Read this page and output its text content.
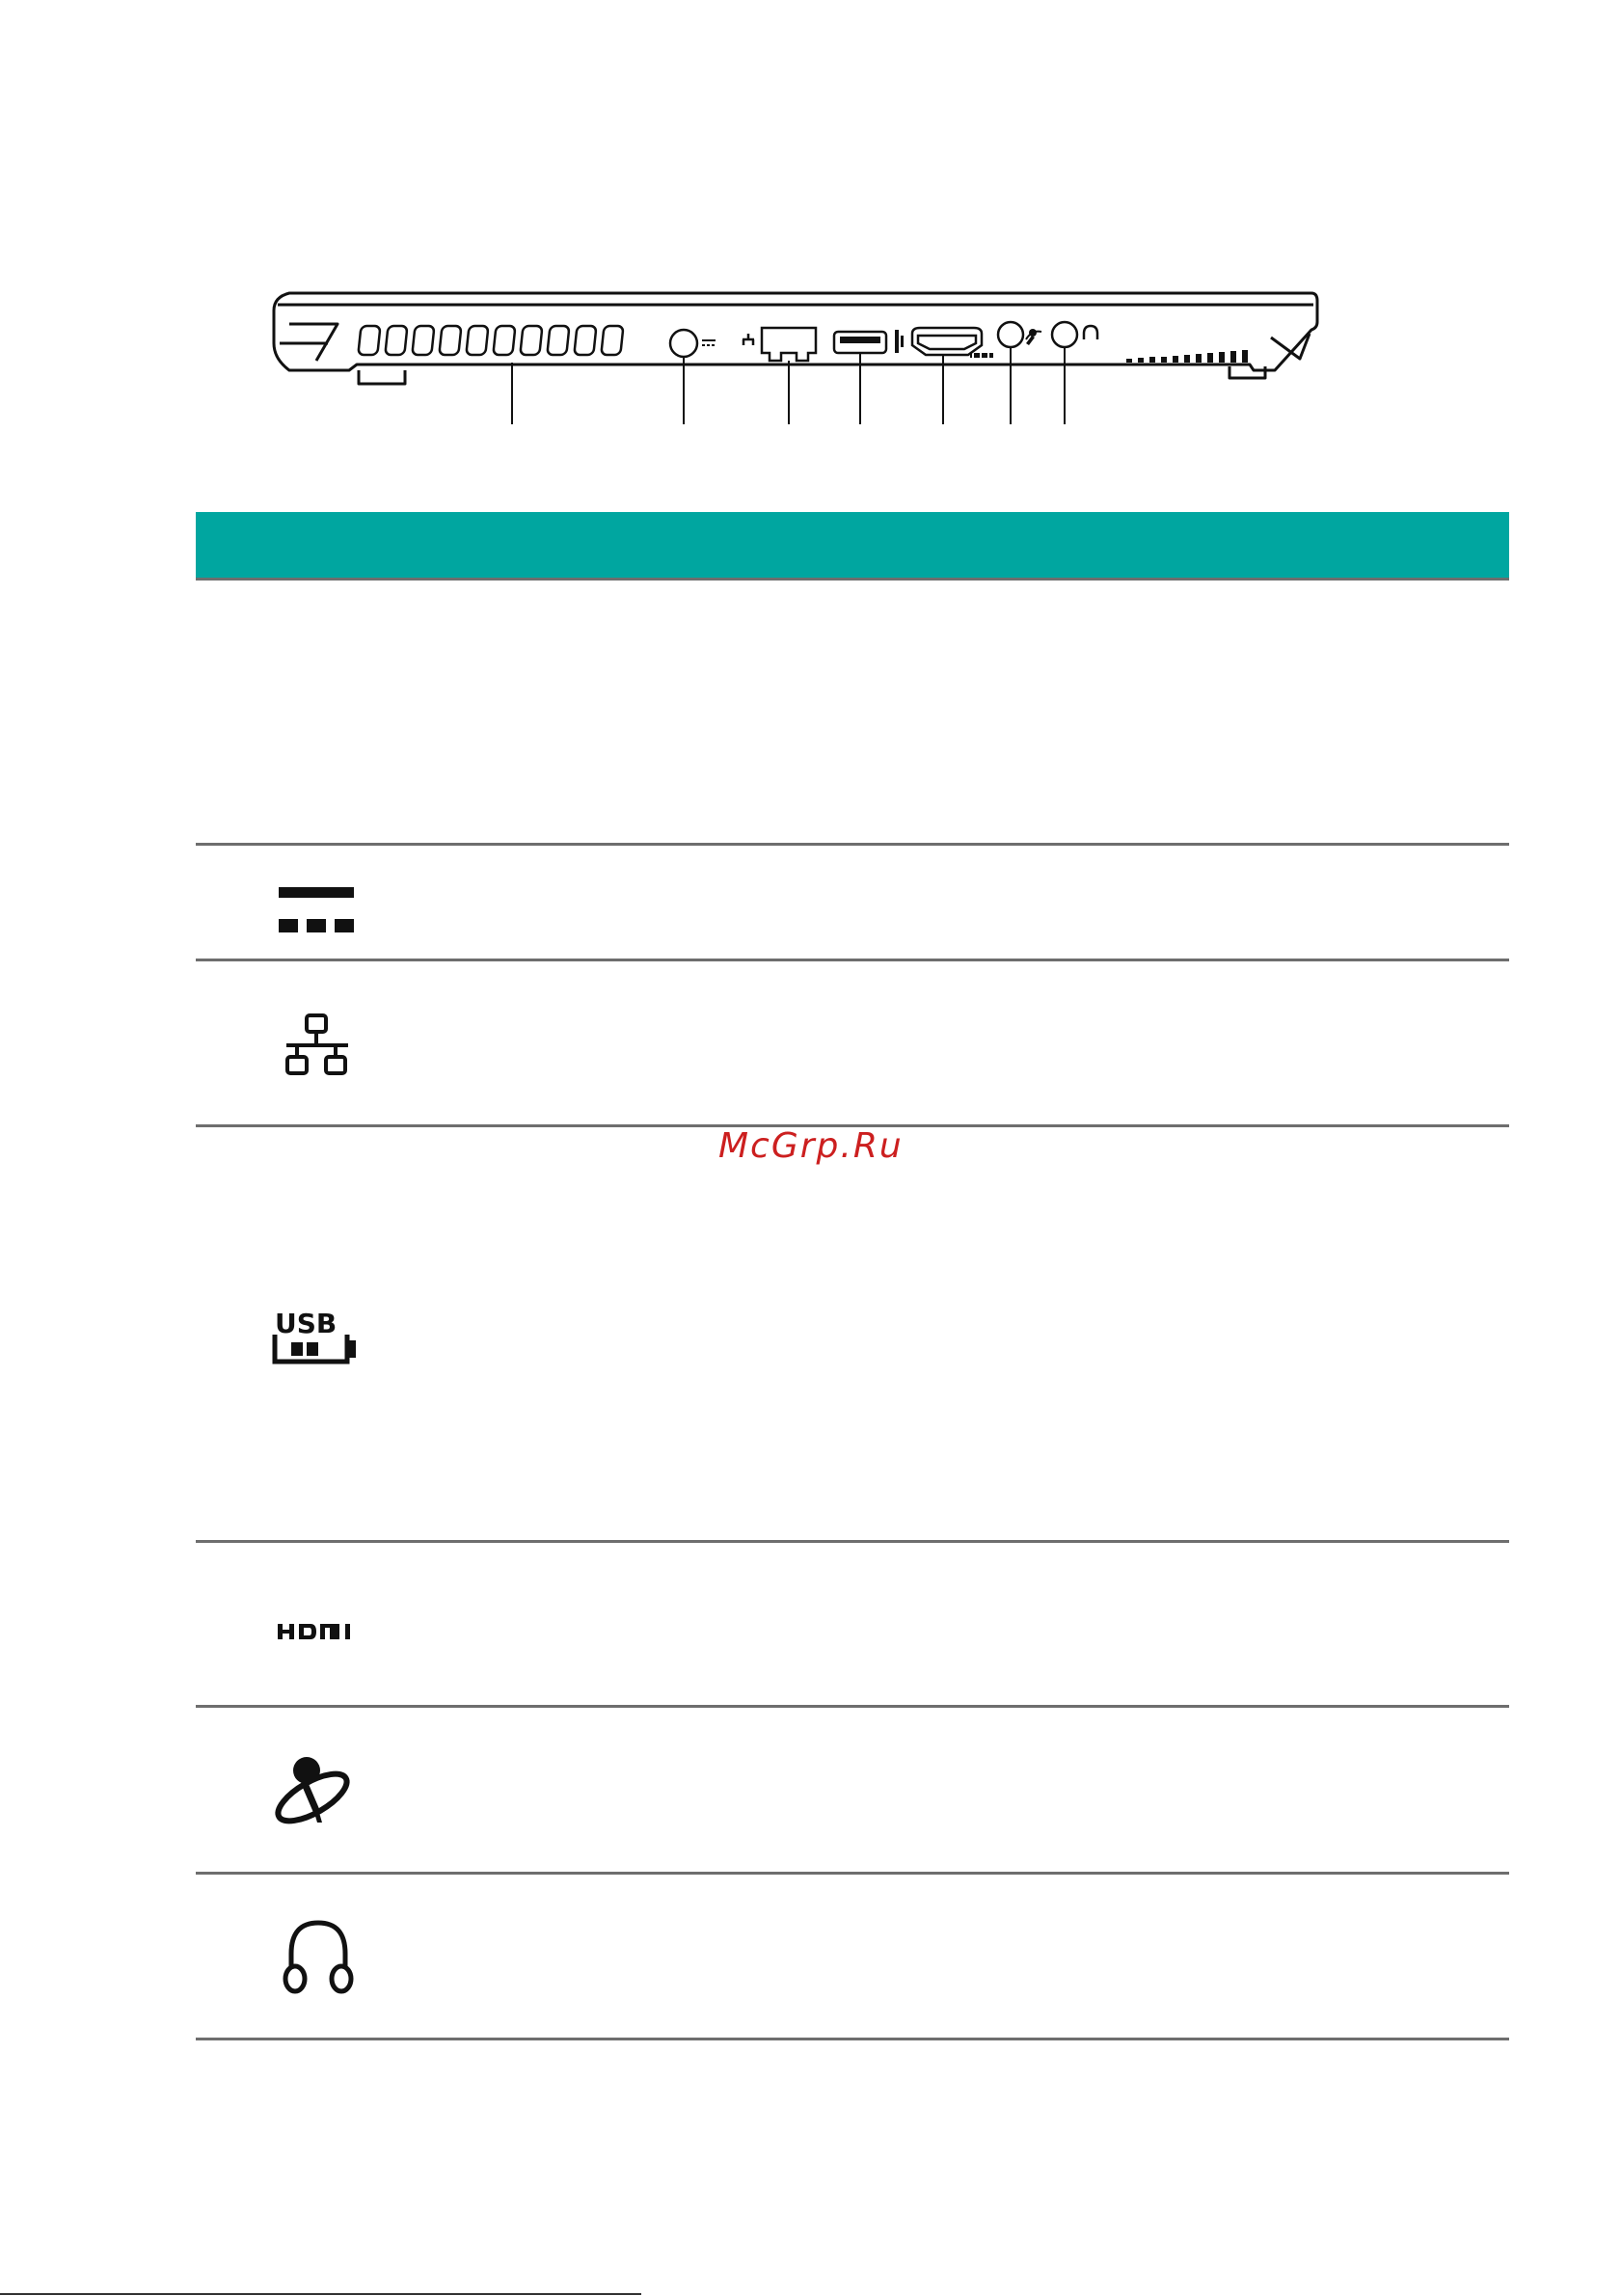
McGrp.Ru
USB
